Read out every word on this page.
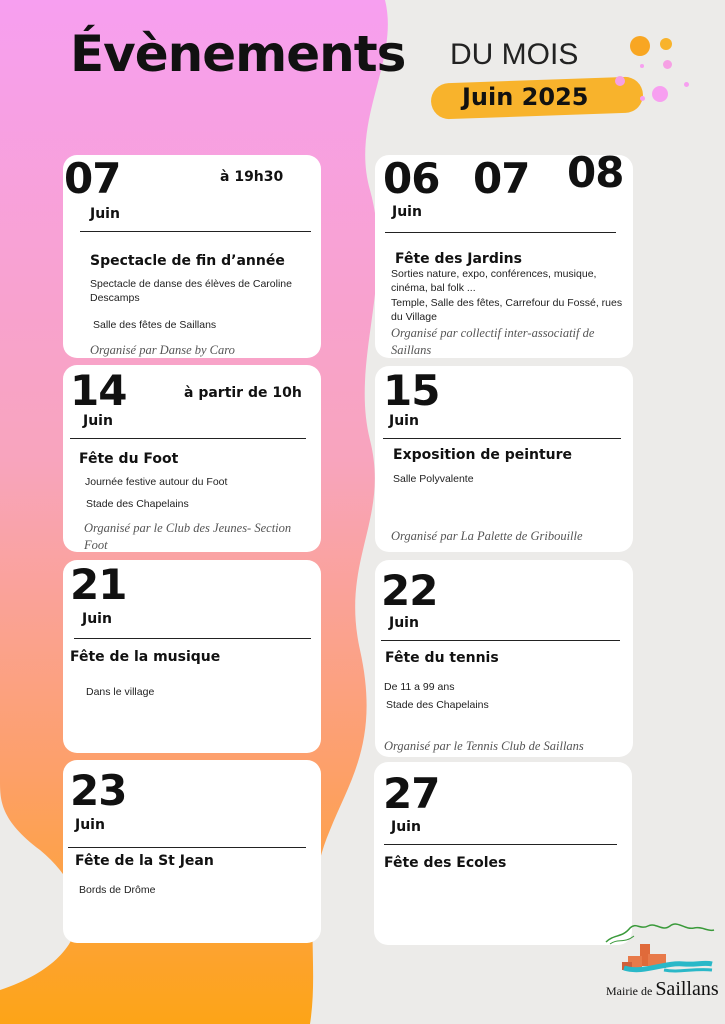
Évènements DU MOIS
Juin 2025
07	à 19h30
Juin
Spectacle de fin d’année
Spectacle de danse des élèves de Caroline
Descamps
Salle des fêtes de Saillans
Organisé par Danse by Caro
06 07 08
Juin
Fête des Jardins
Sorties nature, expo, conférences, musique,
cinéma, bal folk ...
Temple, Salle des fêtes, Carrefour du Fossé, rues
du Village
Organisé par collectif inter-associatif de
Saillans
14	à partir de 10h
Juin
Fête du Foot
Journée festive autour du Foot
Stade des Chapelains
Organisé par le Club des Jeunes- Section
Foot
15
Juin
Exposition de peinture
Salle Polyvalente
Organisé par La Palette de Gribouille
21
Juin
Fête de la musique
Dans le village
22
Juin
Fête du tennis
De 11 a 99 ans
Stade des Chapelains
Organisé par le Tennis Club de Saillans
23
Juin
Fête de la St Jean
Bords de Drôme
27
Juin
Fête des Ecoles
Mairie de Saillans
